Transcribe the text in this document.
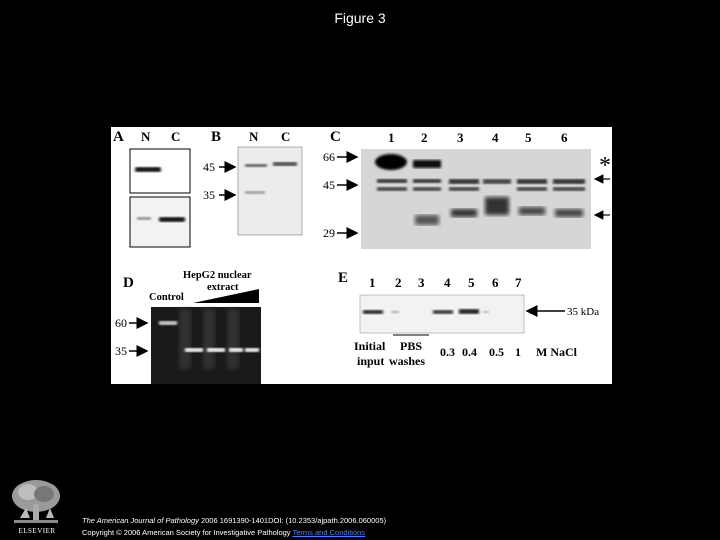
Figure 3
A N C B N C
45
35
C	1 2 3 4 5 6
66
45
29
*
D	HepG2 nuclear
extract
Control
60
35
E 1 2 3 4 5 6 7
35 kDa
Initial PBS
input washes
0.3 0.4 0.5 1 M NaCl
ELSEVIER
The American Journal of Pathology 2006 1691390-1401DOI: (10.2353/ajpath.2006.060005)
Copyright © 2006 American Society for Investigative Pathology Terms and Conditions
